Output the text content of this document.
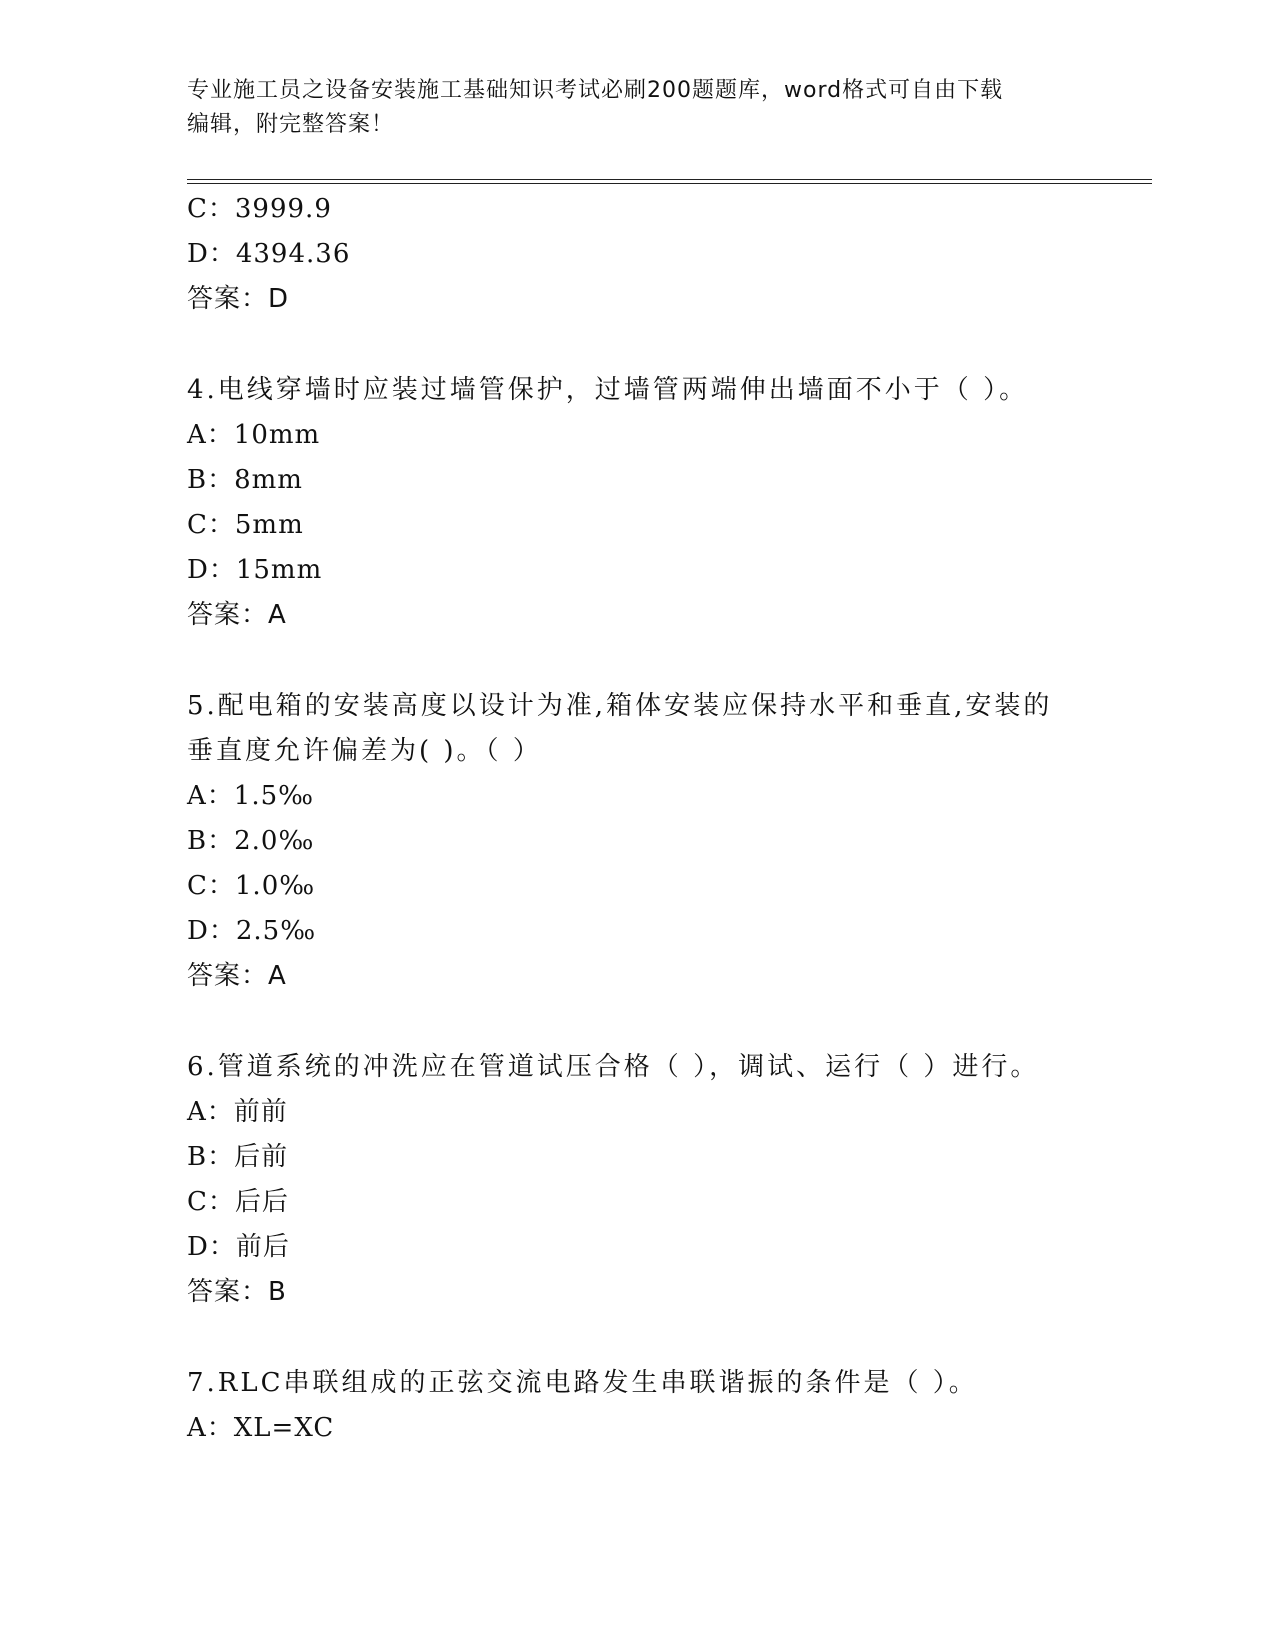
专业施工员之设备安装施工基础知识考试必刷200题题库，word格式可自由下载
编辑，附完整答案！
C：3999.9
D：4394.36
答案：D
4.电线穿墙时应装过墙管保护，过墙管两端伸出墙面不小于（ ）。
A：10mm
B：8mm
C：5mm
D：15mm
答案：A
5.配电箱的安装高度以设计为准,箱体安装应保持水平和垂直,安装的
垂直度允许偏差为( )。（ ）
A：1.5‰
B：2.0‰
C：1.0‰
D：2.5‰
答案：A
6.管道系统的冲洗应在管道试压合格（ ），调试、运行（ ）进行。
A：前前
B：后前
C：后后
D：前后
答案：B
7.RLC串联组成的正弦交流电路发生串联谐振的条件是（ ）。
A：XL=XC
